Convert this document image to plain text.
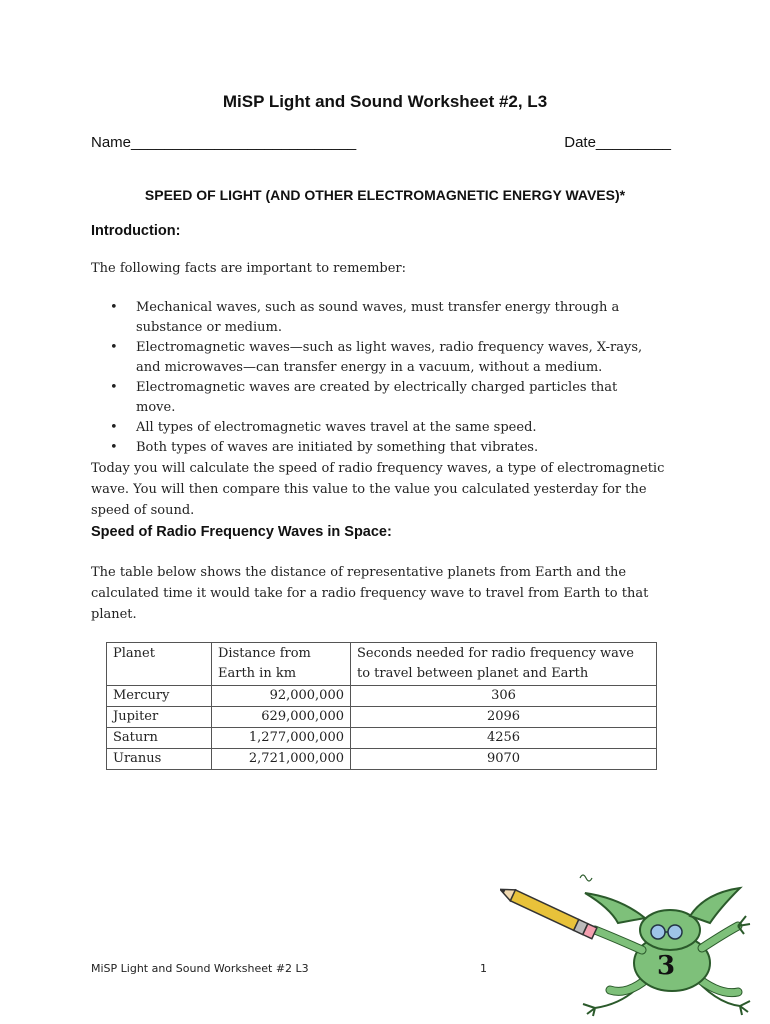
MiSP Light and Sound Worksheet #2, L3
Name___________________________	Date_________
SPEED OF LIGHT (AND OTHER ELECTROMAGNETIC ENERGY WAVES)*
Introduction:
The following facts are important to remember:
• Mechanical waves, such as sound waves, must transfer energy through a substance or medium.
• Electromagnetic waves—such as light waves, radio frequency waves, X-rays, and microwaves—can transfer energy in a vacuum, without a medium.
• Electromagnetic waves are created by electrically charged particles that move.
• All types of electromagnetic waves travel at the same speed.
• Both types of waves are initiated by something that vibrates.
Today you will calculate the speed of radio frequency waves, a type of electromagnetic wave. You will then compare this value to the value you calculated yesterday for the speed of sound.
Speed of Radio Frequency Waves in Space:
The table below shows the distance of representative planets from Earth and the calculated time it would take for a radio frequency wave to travel from Earth to that planet.
Planet	Distance from Earth in km	Seconds needed for radio frequency wave to travel between planet and Earth
Mercury	92,000,000	306
Jupiter	629,000,000	2096
Saturn	1,277,000,000	4256
Uranus	2,721,000,000	9070
MiSP Light and Sound Worksheet #2 L3	1	3
